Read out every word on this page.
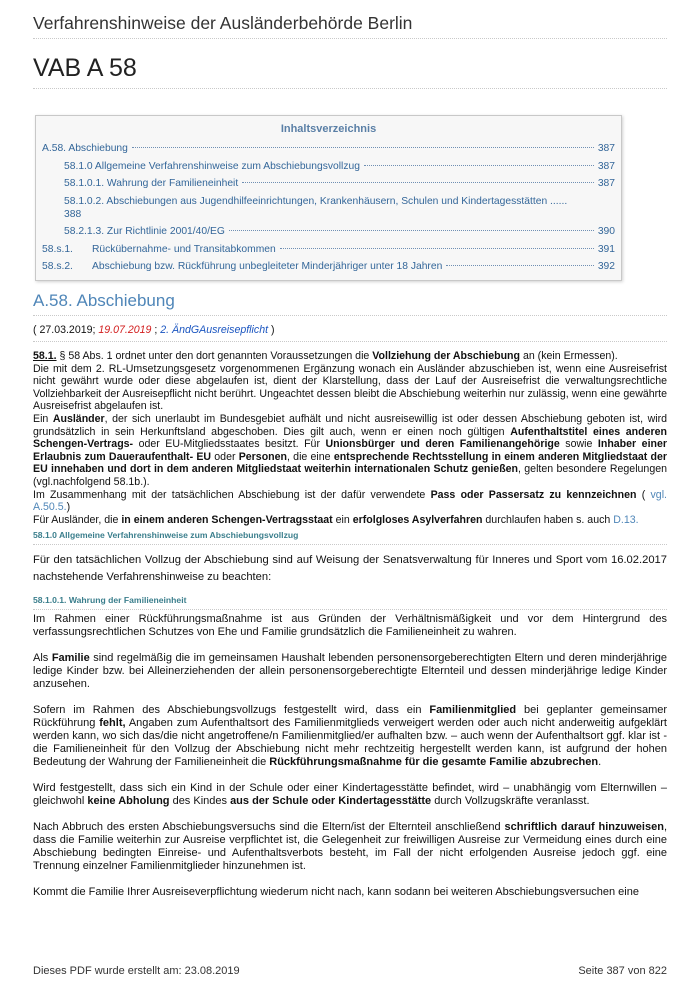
Verfahrenshinweise der Ausländerbehörde Berlin
VAB A 58
Inhaltsverzeichnis
A.58. Abschiebung	387
58.1.0 Allgemeine Verfahrenshinweise zum Abschiebungsvollzug	387
58.1.0.1. Wahrung der Familieneinheit	387
58.1.0.2. Abschiebungen aus Jugendhilfeeinrichtungen, Krankenhäusern, Schulen und Kindertagesstätten ......
388
58.2.1.3. Zur Richtlinie 2001/40/EG	390
58.s.1. Rückübernahme- und Transitabkommen	391
58.s.2. Abschiebung bzw. Rückführung unbegleiteter Minderjähriger unter 18 Jahren	392
A.58. Abschiebung
( 27.03.2019; 19.07.2019 ; 2. ÄndGAusreisepflicht )

58.1. § 58 Abs. 1 ordnet unter den dort genannten Voraussetzungen die Vollziehung der Abschiebung an (kein Ermessen).

Die mit dem 2. RL-Umsetzungsgesetz vorgenommenen Ergänzung wonach ein Ausländer abzuschieben ist, wenn eine Ausreisefrist nicht gewährt wurde oder diese abgelaufen ist, dient der Klarstellung, dass der Lauf der Ausreisefrist die verwaltungsrechtliche Vollziehbarkeit der Ausreisepflicht nicht berührt. Ungeachtet dessen bleibt die Abschiebung weiterhin nur zulässig, wenn eine gewährte Ausreisefrist abgelaufen ist.

Ein Ausländer, der sich unerlaubt im Bundesgebiet aufhält und nicht ausreisewillig ist oder dessen Abschiebung geboten ist, wird grundsätzlich in sein Herkunftsland abgeschoben. Dies gilt auch, wenn er einen noch gültigen Aufenthaltstitel eines anderen Schengen-Vertrags- oder EU-Mitgliedsstaates besitzt. Für Unionsbürger und deren Familienangehörige sowie Inhaber einer Erlaubnis zum Daueraufenthalt- EU oder Personen, die eine entsprechende Rechtsstellung in einem anderen Mitgliedstaat der EU innehaben und dort in dem anderen Mitgliedstaat weiterhin internationalen Schutz genießen, gelten besondere Regelungen (vgl.nachfolgend 58.1b.).

Im Zusammenhang mit der tatsächlichen Abschiebung ist der dafür verwendete Pass oder Passersatz zu kennzeichnen ( vgl. A.50.5.)

Für Ausländer, die in einem anderen Schengen-Vertragsstaat ein erfolgloses Asylverfahren durchlaufen haben s. auch D.13.

58.1.0 Allgemeine Verfahrenshinweise zum Abschiebungsvollzug
Für den tatsächlichen Vollzug der Abschiebung sind auf Weisung der Senatsverwaltung für Inneres und Sport vom 16.02.2017 nachstehende Verfahrenshinweise zu beachten:
58.1.0.1. Wahrung der Familieneinheit

Im Rahmen einer Rückführungsmaßnahme ist aus Gründen der Verhältnismäßigkeit und vor dem Hintergrund des verfassungsrechtlichen Schutzes von Ehe und Familie grundsätzlich die Familieneinheit zu wahren.

Als Familie sind regelmäßig die im gemeinsamen Haushalt lebenden personensorgeberechtigten Eltern und deren minderjährige ledige Kinder bzw. bei Alleinerziehenden der allein personensorgeberechtigte Elternteil und dessen minderjährige ledige Kinder anzusehen.

Sofern im Rahmen des Abschiebungsvollzugs festgestellt wird, dass ein Familienmitglied bei geplanter gemeinsamer Rückführung fehlt, Angaben zum Aufenthaltsort des Familienmitglieds verweigert werden oder auch nicht anderweitig aufgeklärt werden kann, wo sich das/die nicht angetroffene/n Familienmitglied/er aufhalten bzw. – auch wenn der Aufenthaltsort ggf. klar ist - die Familieneinheit für den Vollzug der Abschiebung nicht mehr rechtzeitig hergestellt werden kann, ist aufgrund der hohen Bedeutung der Wahrung der Familieneinheit die Rückführungsmaßnahme für die gesamte Familie abzubrechen.

Wird festgestellt, dass sich ein Kind in der Schule oder einer Kindertagesstätte befindet, wird – unabhängig vom Elternwillen – gleichwohl keine Abholung des Kindes aus der Schule oder Kindertagesstätte durch Vollzugskräfte veranlasst.

Nach Abbruch des ersten Abschiebungsversuchs sind die Eltern/ist der Elternteil anschließend schriftlich darauf hinzuweisen, dass die Familie weiterhin zur Ausreise verpflichtet ist, die Gelegenheit zur freiwilligen Ausreise zur Vermeidung eines durch eine Abschiebung bedingten Einreise- und Aufenthaltsverbots besteht, im Fall der nicht erfolgenden Ausreise jedoch ggf. eine Trennung einzelner Familienmitglieder hinzunehmen ist.

Kommt die Familie Ihrer Ausreiseverpflichtung wiederum nicht nach, kann sodann bei weiteren Abschiebungsversuchen eine

Dieses PDF wurde erstellt am: 23.08.2019	Seite 387 von 822
